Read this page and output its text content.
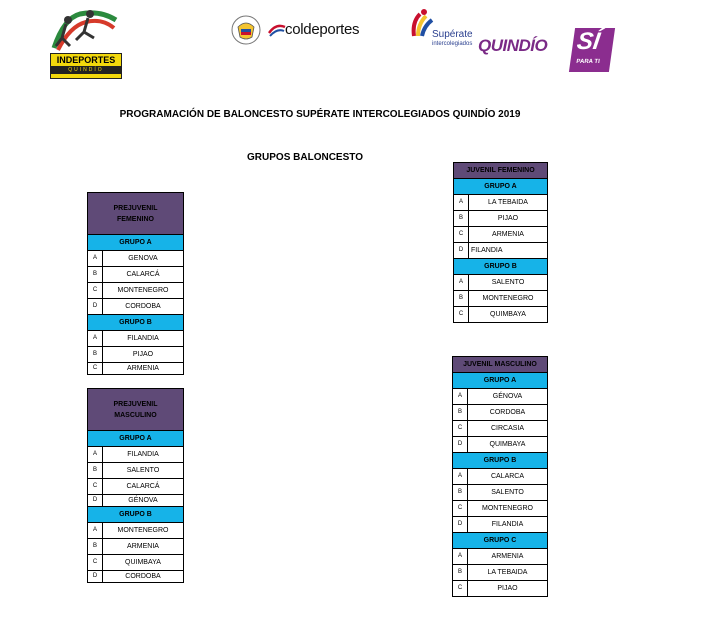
INDEPORTES
QUINDÍO
coldeportes	Supérate
intercolegiados QUINDÍO SÍ
PARA TI
PROGRAMACIÓN DE BALONCESTO SUPÉRATE INTERCOLEGIADOS QUINDÍO 2019
GRUPOS BALONCESTO
PREJUVENIL FEMENINO	
GRUPO A	
A	GENOVA
B	CALARCÁ
C	MONTENEGRO
D	CORDOBA
GRUPO B	
A	FILANDIA
B	PIJAO
C	ARMENIA
PREJUVENIL MASCULINO	
GRUPO A	
A	FILANDIA
B	SALENTO
C	CALARCÁ
D	GÉNOVA
GRUPO B	
A	MONTENEGRO
B	ARMENIA
C	QUIMBAYA
D	CORDOBA
JUVENIL FEMENINO	
GRUPO A	
A	LA TEBAIDA
B	PIJAO
C	ARMENIA
D	FILANDIA
GRUPO B	
A	SALENTO
B	MONTENEGRO
C	QUIMBAYA
JUVENIL MASCULINO	
GRUPO A	
A	GÉNOVA
B	CORDOBA
C	CIRCASIA
D	QUIMBAYA
GRUPO B	
A	CALARCA
B	SALENTO
C	MONTENEGRO
D	FILANDIA
GRUPO C	
A	ARMENIA
B	LA TEBAIDA
C	PIJAO
